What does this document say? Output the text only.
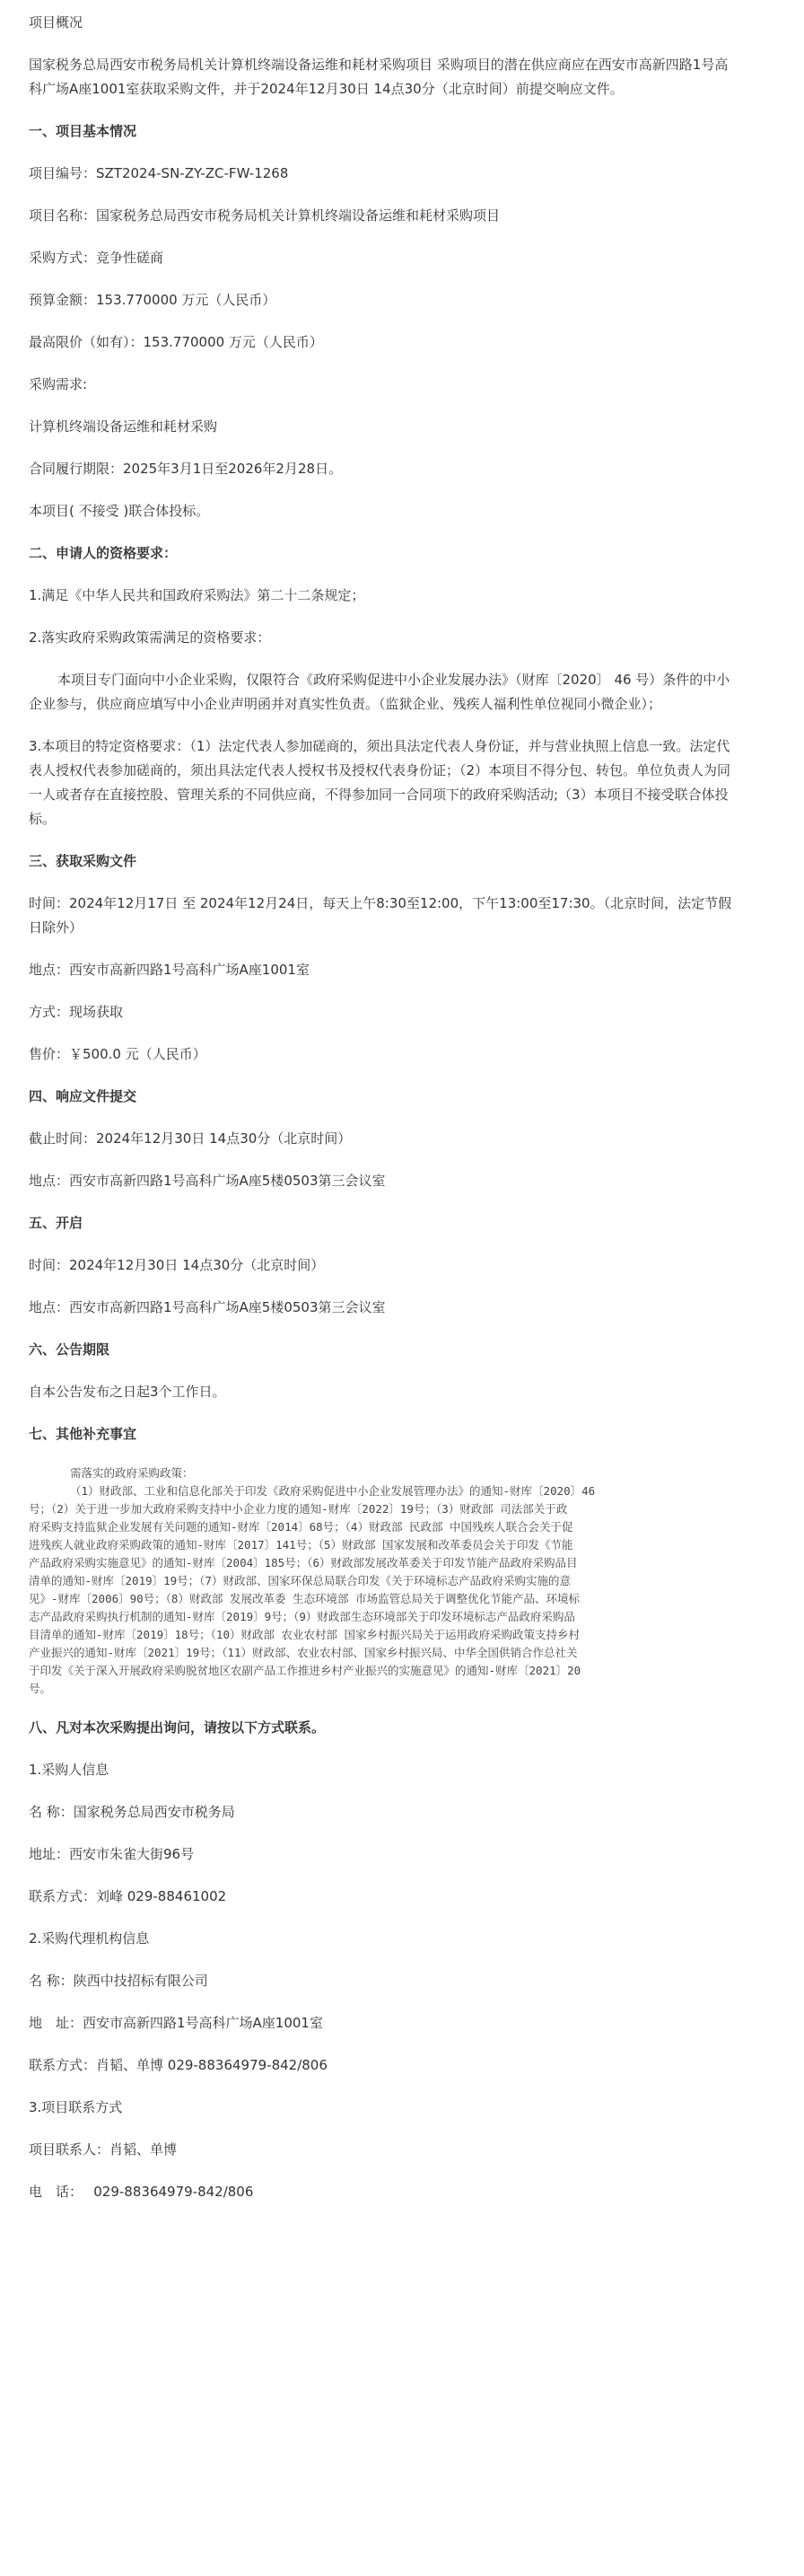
项目概况

国家税务总局西安市税务局机关计算机终端设备运维和耗材采购项目 采购项目的潜在供应商应在西安市高新四路1号高科广场A座1001室获取采购文件，并于2024年12月30日 14点30分（北京时间）前提交响应文件。

一、项目基本情况

项目编号：SZT2024-SN-ZY-ZC-FW-1268

项目名称：国家税务总局西安市税务局机关计算机终端设备运维和耗材采购项目

采购方式：竞争性磋商

预算金额：153.770000 万元（人民币）

最高限价（如有）：153.770000 万元（人民币）

采购需求:

计算机终端设备运维和耗材采购

合同履行期限：2025年3月1日至2026年2月28日。

本项目( 不接受 )联合体投标。

二、申请人的资格要求：

1.满足《中华人民共和国政府采购法》第二十二条规定；

2.落实政府采购政策需满足的资格要求：

本项目专门面向中小企业采购，仅限符合《政府采购促进中小企业发展办法》（财库〔2020〕 46 号）条件的中小企业参与，供应商应填写中小企业声明函并对真实性负责。（监狱企业、残疾人福利性单位视同小微企业）；

3.本项目的特定资格要求：（1）法定代表人参加磋商的，须出具法定代表人身份证，并与营业执照上信息一致。法定代表人授权代表参加磋商的，须出具法定代表人授权书及授权代表身份证；（2）本项目不得分包、转包。单位负责人为同一人或者存在直接控股、管理关系的不同供应商，不得参加同一合同项下的政府采购活动;（3）本项目不接受联合体投标。

三、获取采购文件

时间：2024年12月17日 至 2024年12月24日，每天上午8:30至12:00，下午13:00至17:30。（北京时间，法定节假日除外）

地点：西安市高新四路1号高科广场A座1001室

方式：现场获取

售价：￥500.0 元（人民币）

四、响应文件提交

截止时间：2024年12月30日 14点30分（北京时间）

地点：西安市高新四路1号高科广场A座5楼0503第三会议室

五、开启

时间：2024年12月30日 14点30分（北京时间）

地点：西安市高新四路1号高科广场A座5楼0503第三会议室

六、公告期限

自本公告发布之日起3个工作日。

七、其他补充事宜

需落实的政府采购政策：
（1）财政部、工业和信息化部关于印发《政府采购促进中小企业发展管理办法》的通知-财库〔2020〕46
号；（2）关于进一步加大政府采购支持中小企业力度的通知-财库〔2022〕19号；（3）财政部 司法部关于政
府采购支持监狱企业发展有关问题的通知-财库〔2014〕68号；（4）财政部 民政部 中国残疾人联合会关于促
进残疾人就业政府采购政策的通知-财库〔2017〕141号；（5）财政部 国家发展和改革委员会关于印发《节能
产品政府采购实施意见》的通知-财库〔2004〕185号；（6）财政部发展改革委关于印发节能产品政府采购品目
清单的通知-财库〔2019〕19号；（7）财政部、国家环保总局联合印发《关于环境标志产品政府采购实施的意
见》-财库〔2006〕90号；（8）财政部 发展改革委 生态环境部 市场监管总局关于调整优化节能产品、环境标
志产品政府采购执行机制的通知-财库〔2019〕9号；（9）财政部生态环境部关于印发环境标志产品政府采购品
目清单的通知-财库〔2019〕18号；（10）财政部 农业农村部 国家乡村振兴局关于运用政府采购政策支持乡村
产业振兴的通知-财库〔2021〕19号；（11）财政部、农业农村部、国家乡村振兴局、中华全国供销合作总社关
于印发《关于深入开展政府采购脱贫地区农副产品工作推进乡村产业振兴的实施意见》的通知-财库〔2021〕20
号。

八、凡对本次采购提出询问，请按以下方式联系。

1.采购人信息

名 称：国家税务总局西安市税务局

地址：西安市朱雀大街96号

联系方式：刘峰 029-88461002

2.采购代理机构信息

名 称：陕西中技招标有限公司

地　址：西安市高新四路1号高科广场A座1001室

联系方式：肖韬、单博 029-88364979-842/806

3.项目联系方式

项目联系人：肖韬、单博

电　话：　 029-88364979-842/806
